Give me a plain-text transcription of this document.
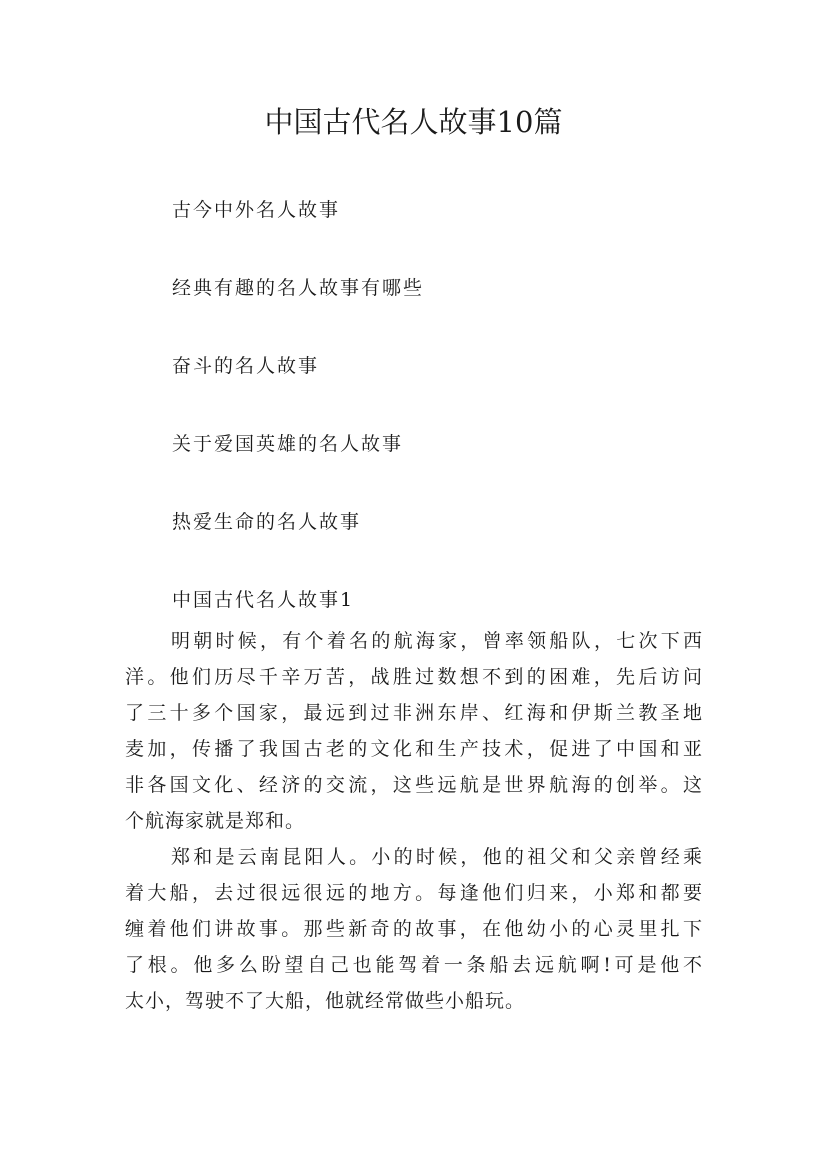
中国古代名人故事10篇
古今中外名人故事
经典有趣的名人故事有哪些
奋斗的名人故事
关于爱国英雄的名人故事
热爱生命的名人故事
中国古代名人故事1

明朝时候，有个着名的航海家，曾率领船队，七次下西
洋。他们历尽千辛万苦，战胜过数想不到的困难，先后访问
了三十多个国家，最远到过非洲东岸、红海和伊斯兰教圣地
麦加，传播了我国古老的文化和生产技术，促进了中国和亚
非各国文化、经济的交流，这些远航是世界航海的创举。这
个航海家就是郑和。

郑和是云南昆阳人。小的时候，他的祖父和父亲曾经乘
着大船，去过很远很远的地方。每逢他们归来，小郑和都要
缠着他们讲故事。那些新奇的故事，在他幼小的心灵里扎下
了根。他多么盼望自己也能驾着一条船去远航啊!可是他不
太小，驾驶不了大船，他就经常做些小船玩。
